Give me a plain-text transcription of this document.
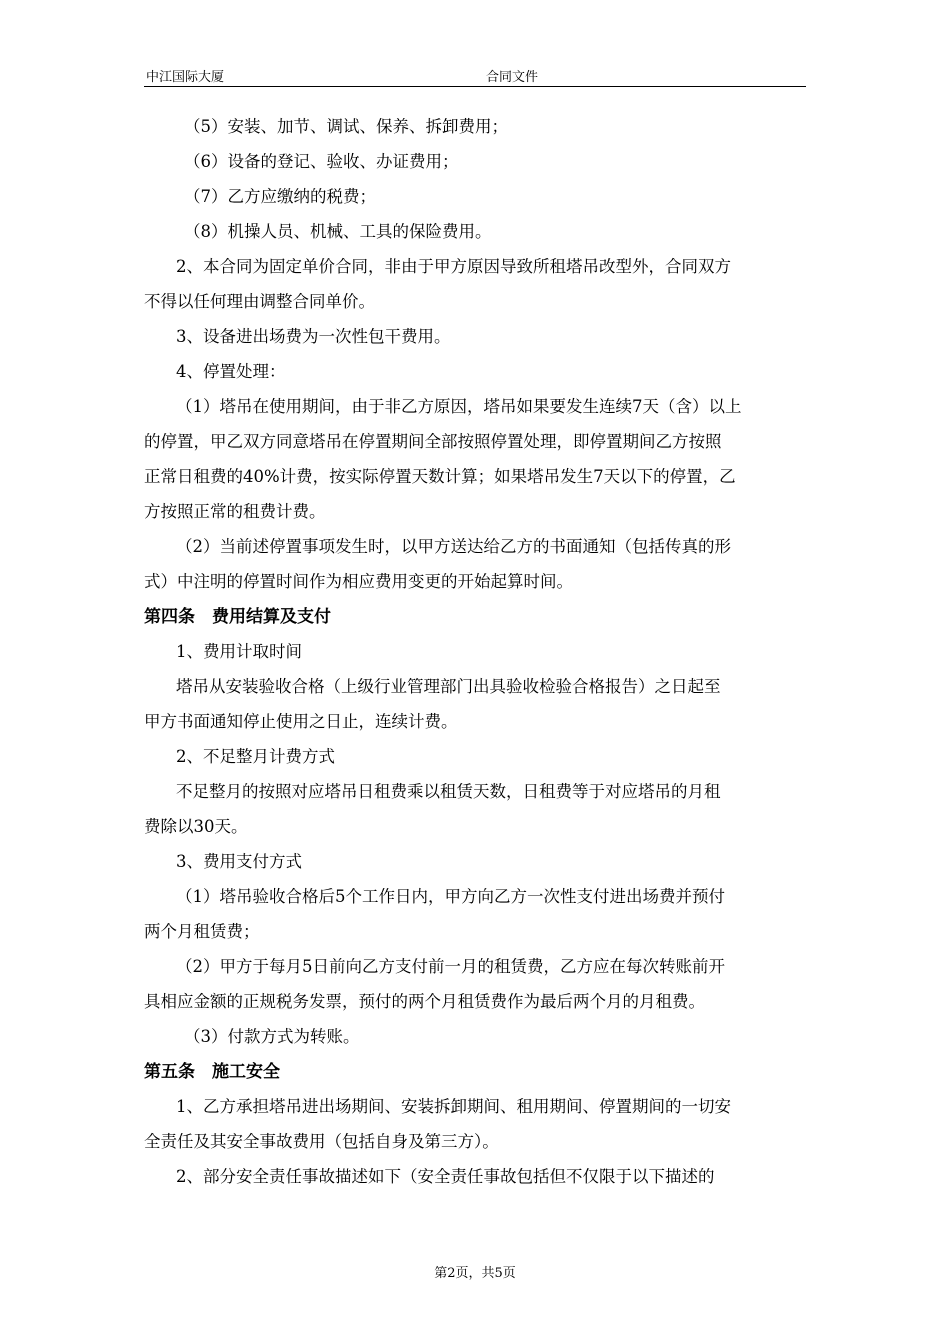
中江国际大厦	合同文件
（5）安装、加节、调试、保养、拆卸费用；
（6）设备的登记、验收、办证费用；
（7）乙方应缴纳的税费；
（8）机操人员、机械、工具的保险费用。
2、本合同为固定单价合同，非由于甲方原因导致所租塔吊改型外，合同双方
不得以任何理由调整合同单价。
3、设备进出场费为一次性包干费用。
4、停置处理：
（1）塔吊在使用期间，由于非乙方原因，塔吊如果要发生连续7天（含）以上
的停置，甲乙双方同意塔吊在停置期间全部按照停置处理，即停置期间乙方按照
正常日租费的40%计费，按实际停置天数计算；如果塔吊发生7天以下的停置，乙
方按照正常的租费计费。
（2）当前述停置事项发生时，以甲方送达给乙方的书面通知（包括传真的形
式）中注明的停置时间作为相应费用变更的开始起算时间。
第四条　费用结算及支付
1、费用计取时间
塔吊从安装验收合格（上级行业管理部门出具验收检验合格报告）之日起至
甲方书面通知停止使用之日止，连续计费。
2、不足整月计费方式
不足整月的按照对应塔吊日租费乘以租赁天数，日租费等于对应塔吊的月租
费除以30天。
3、费用支付方式
（1）塔吊验收合格后5个工作日内，甲方向乙方一次性支付进出场费并预付
两个月租赁费；
（2）甲方于每月5日前向乙方支付前一月的租赁费，乙方应在每次转账前开
具相应金额的正规税务发票，预付的两个月租赁费作为最后两个月的月租费。
（3）付款方式为转账。
第五条　施工安全
1、乙方承担塔吊进出场期间、安装拆卸期间、租用期间、停置期间的一切安
全责任及其安全事故费用（包括自身及第三方）。
2、部分安全责任事故描述如下（安全责任事故包括但不仅限于以下描述的
第2页，共5页
